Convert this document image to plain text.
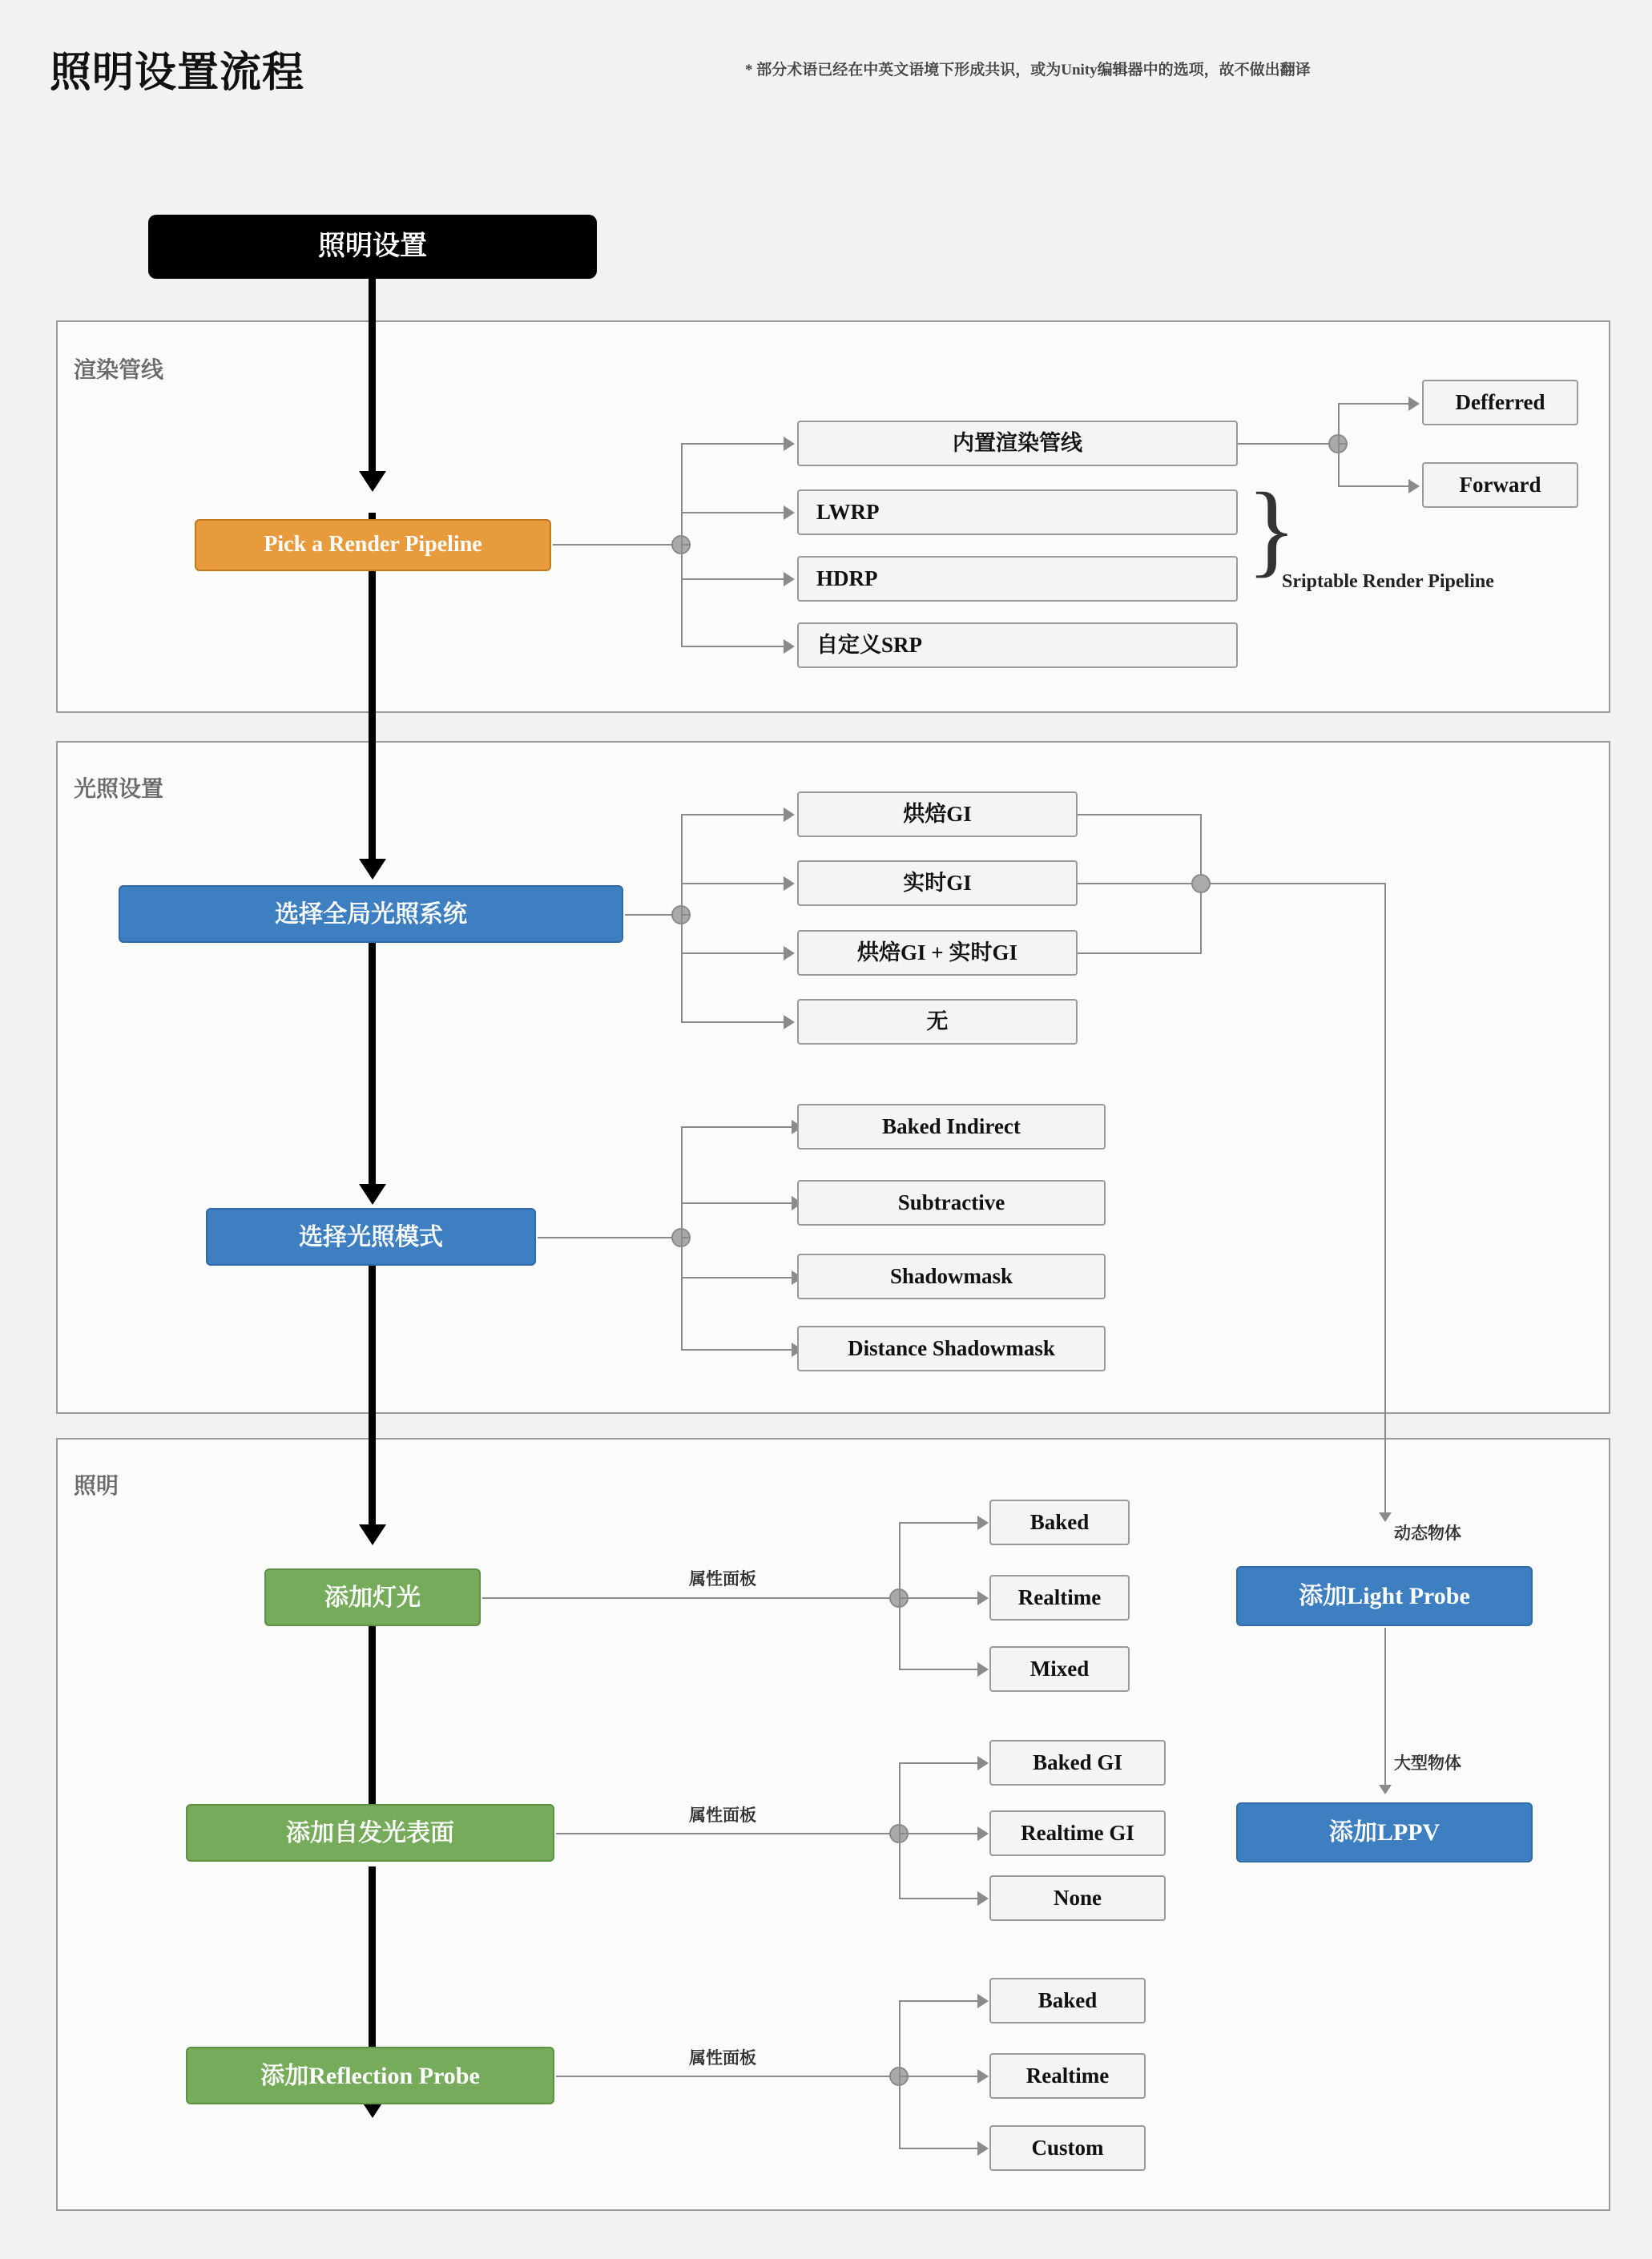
照明设置流程	* 部分术语已经在中英文语境下形成共识，或为Unity编辑器中的选项，故不做出翻译
渲染管线
光照设置
照明
照明设置
Pick a Render Pipeline
内置渲染管线
LWRP
HDRP
自定义SRP
}
Sriptable Render Pipeline
Defferred
Forward
选择全局光照系统
烘焙GI
实时GI
烘焙GI + 实时GI
无
选择光照模式
Baked Indirect
Subtractive
Shadowmask
Distance Shadowmask
添加灯光
属性面板
Baked
Realtime
Mixed
添加Light Probe
动态物体
大型物体
添加LPPV
添加自发光表面
属性面板
Baked GI
Realtime GI
None
添加Reflection Probe
属性面板
Baked
Realtime
Custom
